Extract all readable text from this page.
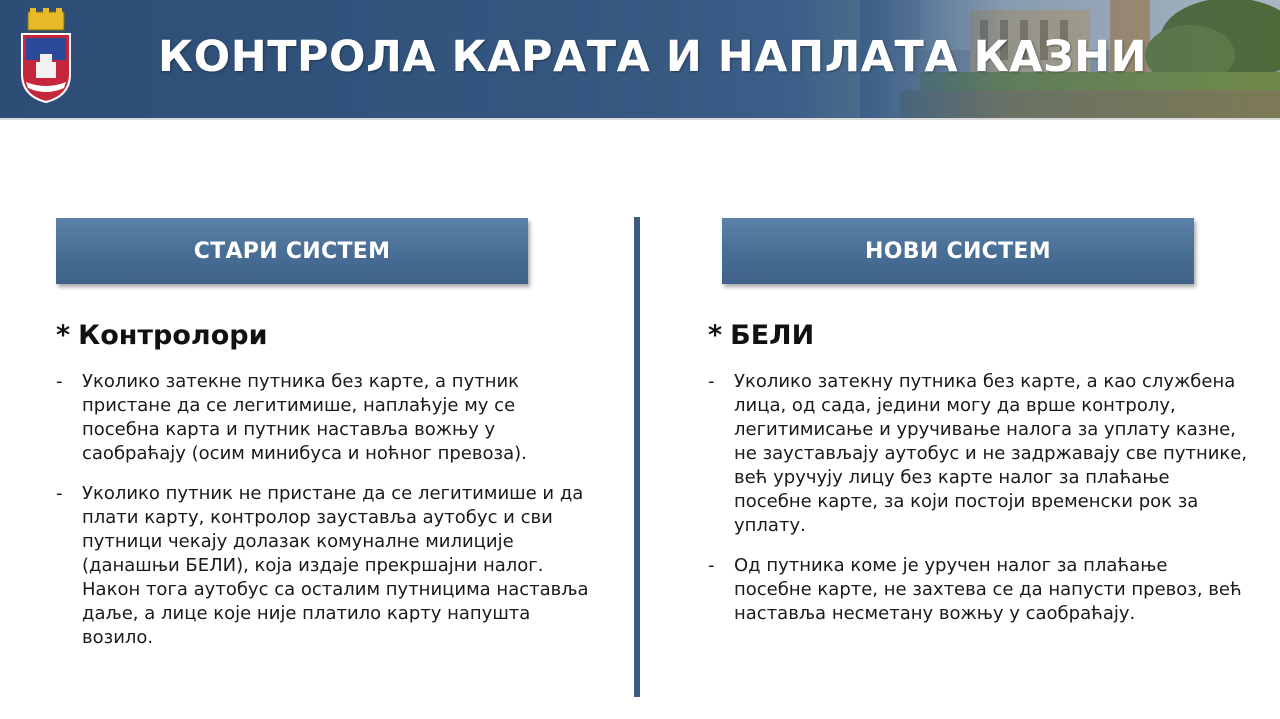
КОНТРОЛА КАРАТА И НАПЛАТА КАЗНИ
СТАРИ СИСТЕМ	НОВИ СИСТЕМ
* Контролори
- Уколико затекне путника без карте, а путник пристане да се легитимише, наплаћује му се посебна карта и путник наставља вожњу у саобраћају (осим минибуса и ноћног превоза).
- Уколико путник не пристане да се легитимише и да плати карту, контролор зауставља аутобус и сви путници чекају долазак комуналне милиције (данашњи БЕЛИ), која издаје прекршајни налог. Након тога аутобус са осталим путницима наставља даље, а лице које није платило карту напушта возило.
* БЕЛИ
- Уколико затекну путника без карте, а као службена лица, од сада, једини могу да врше контролу, легитимисање и уручивање налога за уплату казне, не заустављају аутобус и не задржавају све путнике, већ уручују лицу без карте налог за плаћање посебне карте, за који постоји временски рок за уплату.
- Од путника коме је уручен налог за плаћање посебне карте, не захтева се да напусти превоз, већ наставља несметану вожњу у саобраћају.
